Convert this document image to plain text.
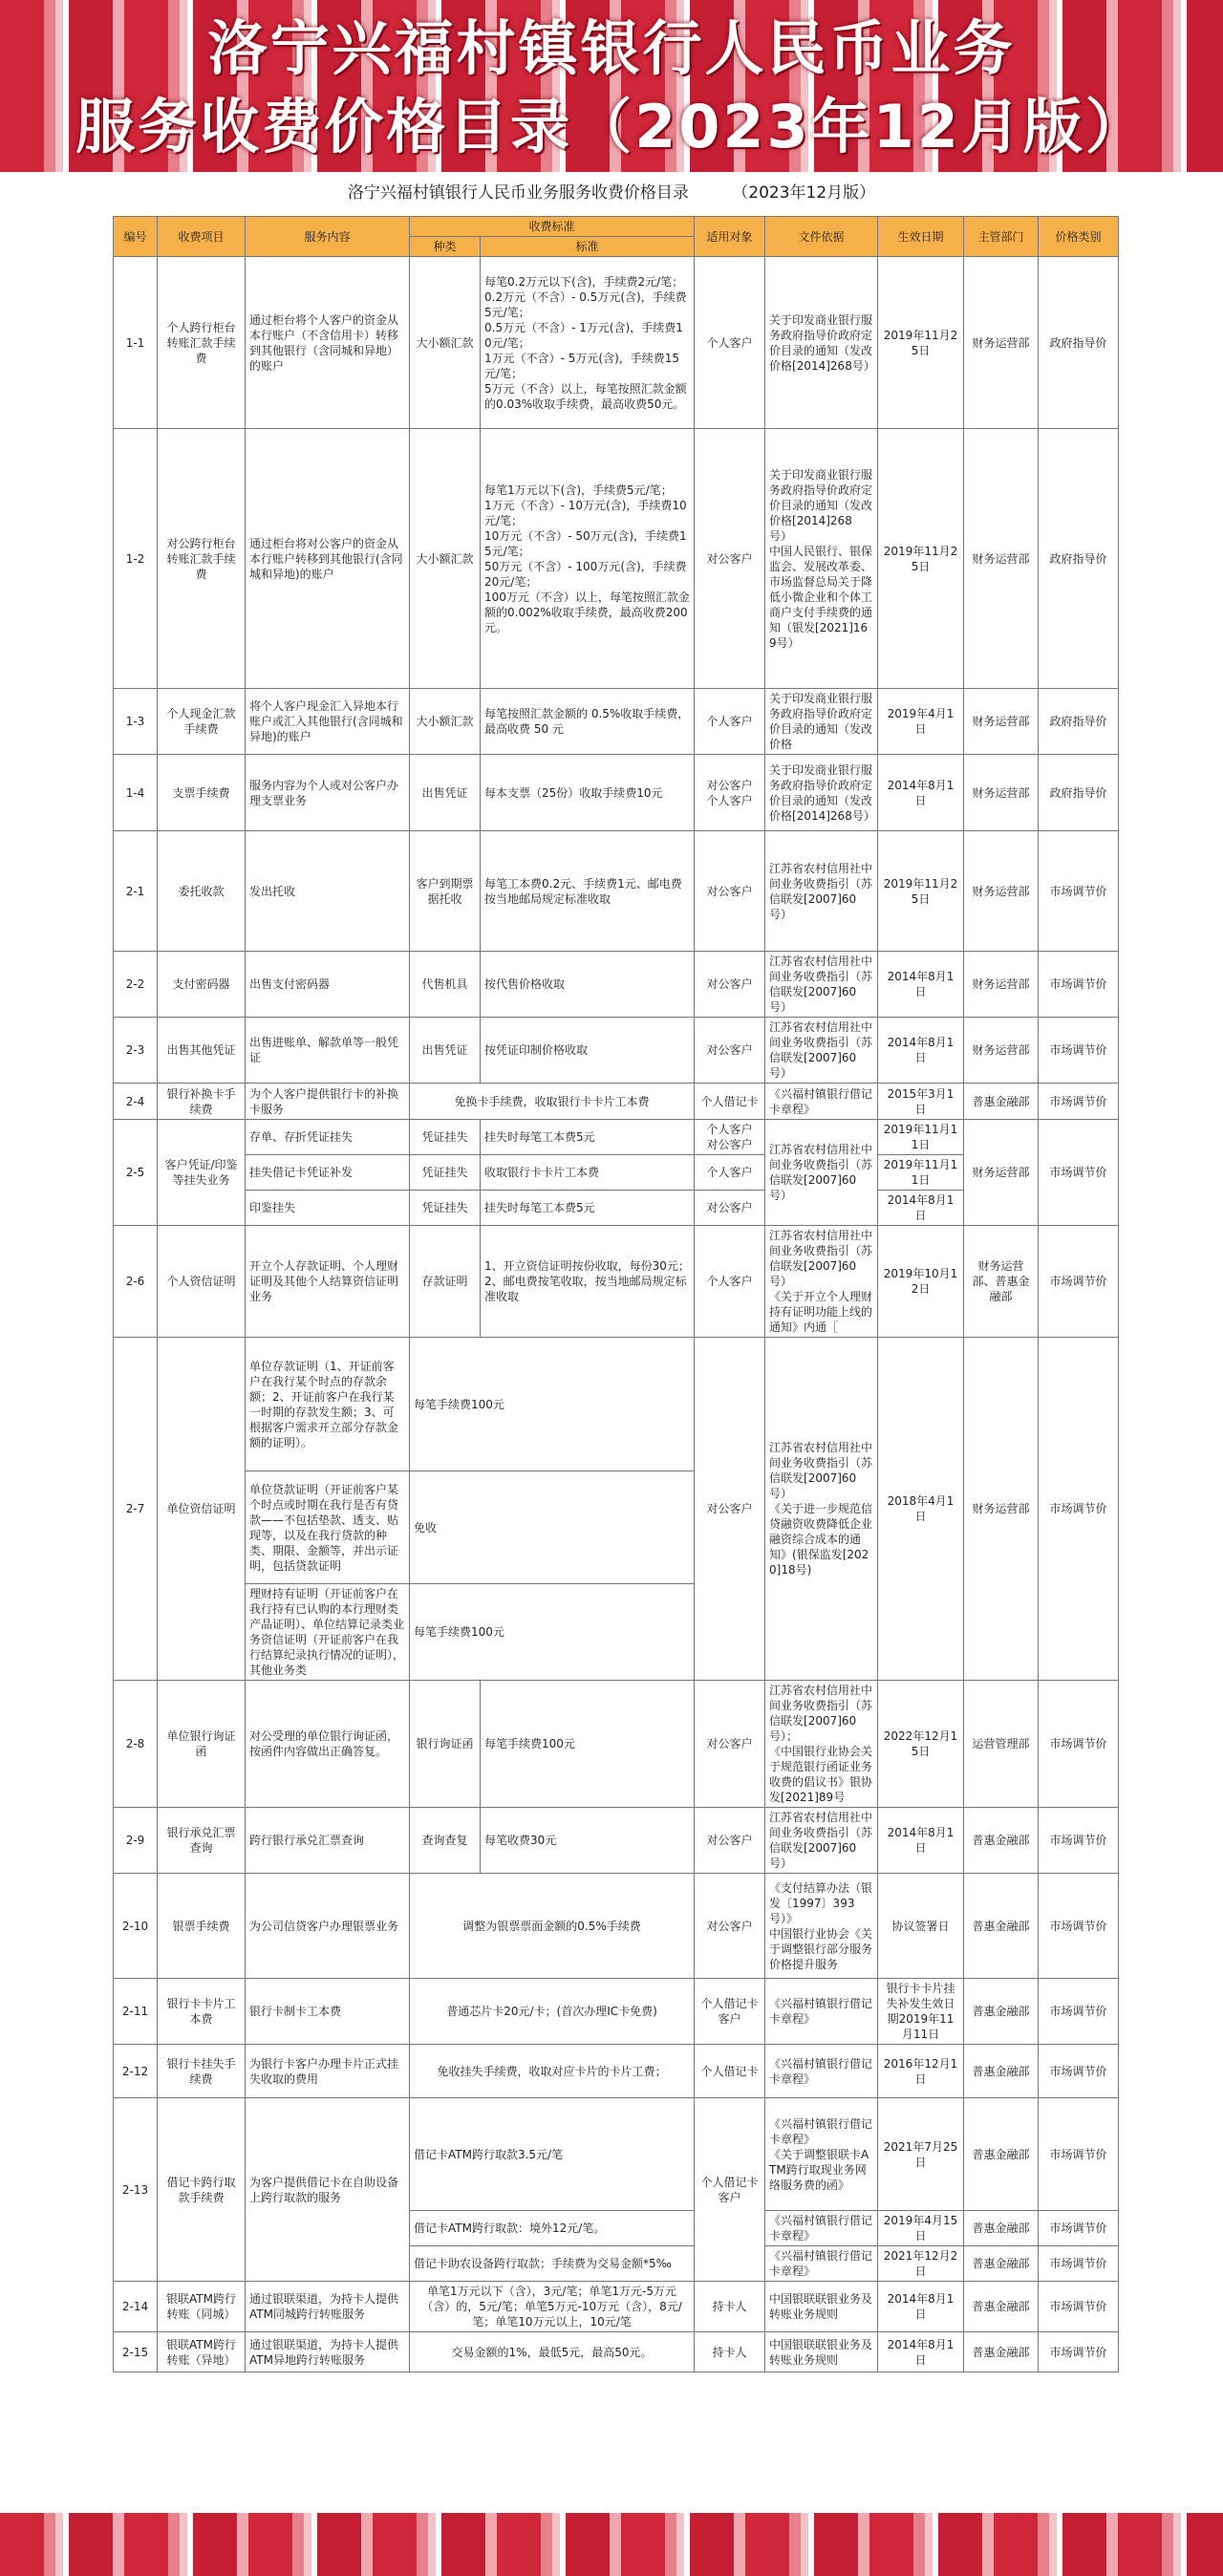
洛宁兴福村镇银行人民币业务
服务收费价格目录（2023年12月版）
洛宁兴福村镇银行人民币业务服务收费价格目录	（2023年12月版）
编号	收费项目	服务内容	收费标准		适用对象	文件依据	生效日期	主管部门	价格类别
			种类	标准					
1-1	个人跨行柜台转账汇款手续费	通过柜台将个人客户的资金从本行账户（不含信用卡）转移到其他银行（含同城和异地）的账户	大小额汇款	每笔0.2万元以下(含)，手续费2元/笔；
0.2万元（不含）- 0.5万元(含)，手续费5元/笔；
0.5万元（不含）- 1万元(含)，手续费10元/笔；
1万元（不含）- 5万元(含)，手续费15元/笔；
5万元（不含）以上，每笔按照汇款金额的0.03%收取手续费，最高收费50元。	个人客户	关于印发商业银行服务政府指导价政府定价目录的通知（发改价格[2014]268号）	2019年11月25日	财务运营部	政府指导价
1-2	对公跨行柜台转账汇款手续费	通过柜台将对公客户的资金从本行账户转移到其他银行(含同城和异地)的账户	大小额汇款	每笔1万元以下(含)，手续费5元/笔；
1万元（不含）- 10万元(含)，手续费10元/笔；
10万元（不含）- 50万元(含)，手续费15元/笔；
50万元（不含）- 100万元(含)，手续费20元/笔；
100万元（不含）以上，每笔按照汇款金额的0.002%收取手续费，最高收费200元。	对公客户	关于印发商业银行服务政府指导价政府定价目录的通知（发改价格[2014]268号）
中国人民银行、银保监会、发展改革委、市场监督总局关于降低小微企业和个体工商户支付手续费的通知（银发[2021]169号）	2019年11月25日	财务运营部	政府指导价
1-3	个人现金汇款手续费	将个人客户现金汇入异地本行账户或汇入其他银行(含同城和异地)的账户	大小额汇款	每笔按照汇款金额的 0.5%收取手续费，最高收费 50 元	个人客户	关于印发商业银行服务政府指导价政府定价目录的通知（发改价格	2019年4月1日	财务运营部	政府指导价
1-4	支票手续费	服务内容为个人或对公客户办理支票业务	出售凭证	每本支票（25份）收取手续费10元	对公客户
个人客户	关于印发商业银行服务政府指导价政府定价目录的通知（发改价格[2014]268号）	2014年8月1日	财务运营部	政府指导价
2-1	委托收款	发出托收	客户到期票据托收	每笔工本费0.2元、手续费1元、邮电费按当地邮局规定标准收取	对公客户	江苏省农村信用社中间业务收费指引（苏信联发[2007]60号）	2019年11月25日	财务运营部	市场调节价
2-2	支付密码器	出售支付密码器	代售机具	按代售价格收取	对公客户	江苏省农村信用社中间业务收费指引（苏信联发[2007]60号）	2014年8月1日	财务运营部	市场调节价
2-3	出售其他凭证	出售进账单、解款单等一般凭证	出售凭证	按凭证印制价格收取	对公客户	江苏省农村信用社中间业务收费指引（苏信联发[2007]60号）	2014年8月1日	财务运营部	市场调节价
2-4	银行补换卡手续费	为个人客户提供银行卡的补换卡服务	免换卡手续费，收取银行卡卡片工本费		个人借记卡	《兴福村镇银行借记卡章程》	2015年3月1日	普惠金融部	市场调节价
2-5	客户凭证/印鉴等挂失业务	存单、存折凭证挂失	凭证挂失	挂失时每笔工本费5元	个人客户
对公客户	江苏省农村信用社中间业务收费指引（苏信联发[2007]60号）	2019年11月11日	财务运营部	市场调节价
		挂失借记卡凭证补发	凭证挂失	收取银行卡卡片工本费	个人客户		2019年11月11日		
		印鉴挂失	凭证挂失	挂失时每笔工本费5元	对公客户		2014年8月1日		
2-6	个人资信证明	开立个人存款证明、个人理财证明及其他个人结算资信证明业务	存款证明	1、开立资信证明按份收取，每份30元；
2、邮电费按笔收取，按当地邮局规定标准收取	个人客户	江苏省农村信用社中间业务收费指引（苏信联发[2007]60号）
《关于开立个人理财持有证明功能上线的通知》内通［	2019年10月12日	财务运营部、普惠金融部	市场调节价
2-7	单位资信证明	单位存款证明（1、开证前客户在我行某个时点的存款余额；2、开证前客户在我行某一时期的存款发生额；3、可根据客户需求开立部分存款金额的证明）。	每笔手续费100元		对公客户	江苏省农村信用社中间业务收费指引（苏信联发[2007]60号）
《关于进一步规范信贷融资收费降低企业融资综合成本的通知》(银保监发[2020]18号)	2018年4月1日	财务运营部	市场调节价
		单位贷款证明（开证前客户某个时点或时期在我行是否有贷款——不包括垫款、透支、贴现等，以及在我行贷款的种类、期限、金额等，并出示证明，包括贷款证明	免收						
		理财持有证明（开证前客户在我行持有已认购的本行理财类产品证明）、单位结算记录类业务资信证明（开证前客户在我行结算纪录执行情况的证明），其他业务类	每笔手续费100元						
2-8	单位银行询证函	对公受理的单位银行询证函，按函件内容做出正确答复。	银行询证函	每笔手续费100元	对公客户	江苏省农村信用社中间业务收费指引（苏信联发[2007]60号）；
《中国银行业协会关于规范银行函证业务收费的倡议书》银协发[2021]89号	2022年12月15日	运营管理部	市场调节价
2-9	银行承兑汇票查询	跨行银行承兑汇票查询	查询查复	每笔收费30元	对公客户	江苏省农村信用社中间业务收费指引（苏信联发[2007]60号）	2014年8月1日	普惠金融部	市场调节价
2-10	银票手续费	为公司信贷客户办理银票业务	调整为银票票面金额的0.5%手续费		对公客户	《支付结算办法（银发〔1997〕393号）》
中国银行业协会《关于调整银行部分服务价格提升服务	协议签署日	普惠金融部	市场调节价
2-11	银行卡卡片工本费	银行卡制卡工本费	普通芯片卡20元/卡；(首次办理IC卡免费)		个人借记卡客户	《兴福村镇银行借记卡章程》	银行卡卡片挂失补发生效日期2019年11月11日	普惠金融部	市场调节价
2-12	银行卡挂失手续费	为银行卡客户办理卡片正式挂失收取的费用	免收挂失手续费，收取对应卡片的卡片工费；		个人借记卡	《兴福村镇银行借记卡章程》	2016年12月1日	普惠金融部	市场调节价
2-13	借记卡跨行取款手续费	为客户提供借记卡在自助设备上跨行取款的服务	借记卡ATM跨行取款3.5元/笔		个人借记卡客户	《兴福村镇银行借记卡章程》
《关于调整银联卡ATM跨行取现业务网络服务费的函》	2021年7月25日	普惠金融部	市场调节价
			借记卡ATM跨行取款：境外12元/笔。			《兴福村镇银行借记卡章程》	2019年4月15日	普惠金融部	市场调节价
			借记卡助农设备跨行取款；手续费为交易金额*5‰			《兴福村镇银行借记卡章程》	2021年12月2日	普惠金融部	市场调节价
2-14	银联ATM跨行转账（同城）	通过银联渠道，为持卡人提供ATM同城跨行转账服务	单笔1万元以下（含），3元/笔；单笔1万元-5万元（含）的，5元/笔；单笔5万元-10万元（含），8元/笔；单笔10万元以上，10元/笔		持卡人	中国银联联银业务及转账业务规则	2014年8月1日	普惠金融部	市场调节价
2-15	银联ATM跨行转账（异地）	通过银联渠道，为持卡人提供ATM异地跨行转账服务	交易金额的1%，最低5元，最高50元。		持卡人	中国银联联银业务及转账业务规则	2014年8月1日	普惠金融部	市场调节价
